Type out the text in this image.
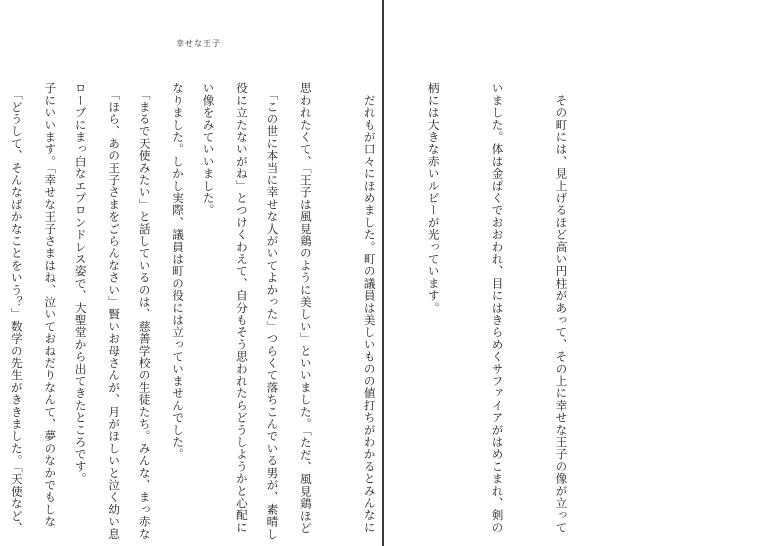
幸せな王子

　「この世に本当に幸せな人がいてよかった」つらくて落ちこんでいる男が、素晴し

い像をみていいました。

　「まるで天使みたい」と話しているのは、慈善学校の生徒たち。みんな、まっ赤な

ローブにまっ白なエプロンドレス姿で、大聖堂から出てきたところです。

　「どうして、そんなばかなことをいう？」数学の先生がききました。「天使など、

	　その町には、見上げるほど高い円柱があって、その上に幸せな王子の像が立って

いました。体は金ぱくでおおわれ、目にはきらめくサファイアがはめこまれ、剣の

柄には大きな赤いルビーが光っています。

　だれもが口々にほめました。町の議員は美しいものの値打ちがわかるとみんなに

思われたくて、「王子は風見鶏のように美しい」といいました。「ただ、風見鶏ほど

役に立たないがね」とつけくわえて、自分もそう思われたらどうしようかと心配に

なりました。しかし実際、議員は町の役には立っていませんでした。

　「ほら、あの王子さまをごらんなさい」賢いお母さんが、月がほしいと泣く幼い息

子にいいます。「幸せな王子さまはね、泣いておねだりなんて、夢のなかでもしな
